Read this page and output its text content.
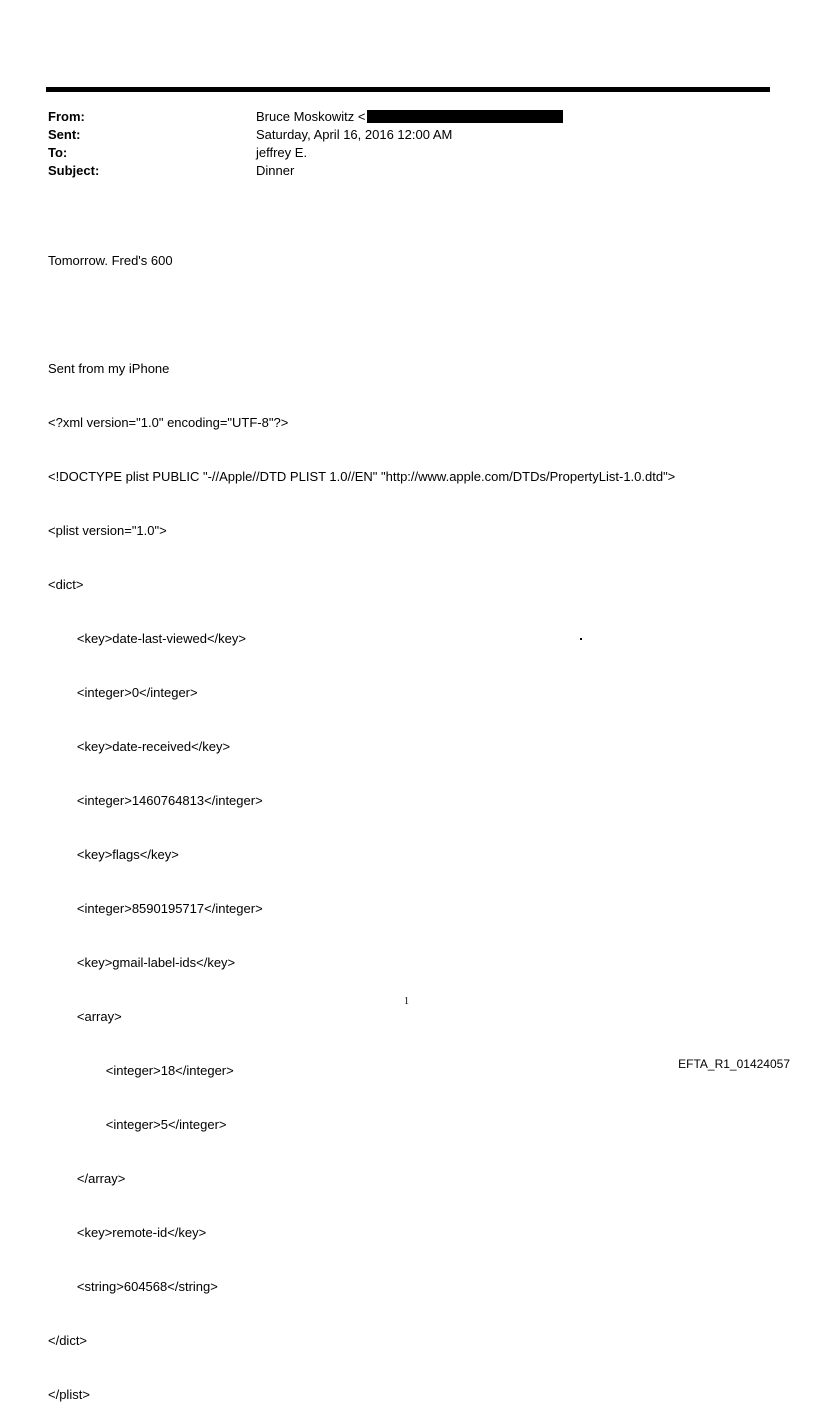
From:	Bruce Moskowitz <
Sent:	Saturday, April 16, 2016 12:00 AM
To:	jeffrey E.
Subject:	Dinner

Tomorrow. Fred's 600

Sent from my iPhone

<?xml version="1.0" encoding="UTF-8"?>

<!DOCTYPE plist PUBLIC "-//Apple//DTD PLIST 1.0//EN" "http://www.apple.com/DTDs/PropertyList-1.0.dtd">

<plist version="1.0">

<dict>

<key>date-last-viewed</key>

<integer>0</integer>

<key>date-received</key>

<integer>1460764813</integer>

<key>flags</key>

<integer>8590195717</integer>

<key>gmail-label-ids</key>

<array>

<integer>18</integer>

<integer>5</integer>

</array>

<key>remote-id</key>

<string>604568</string>

</dict>

</plist>

1
EFTA_R1_01424057
